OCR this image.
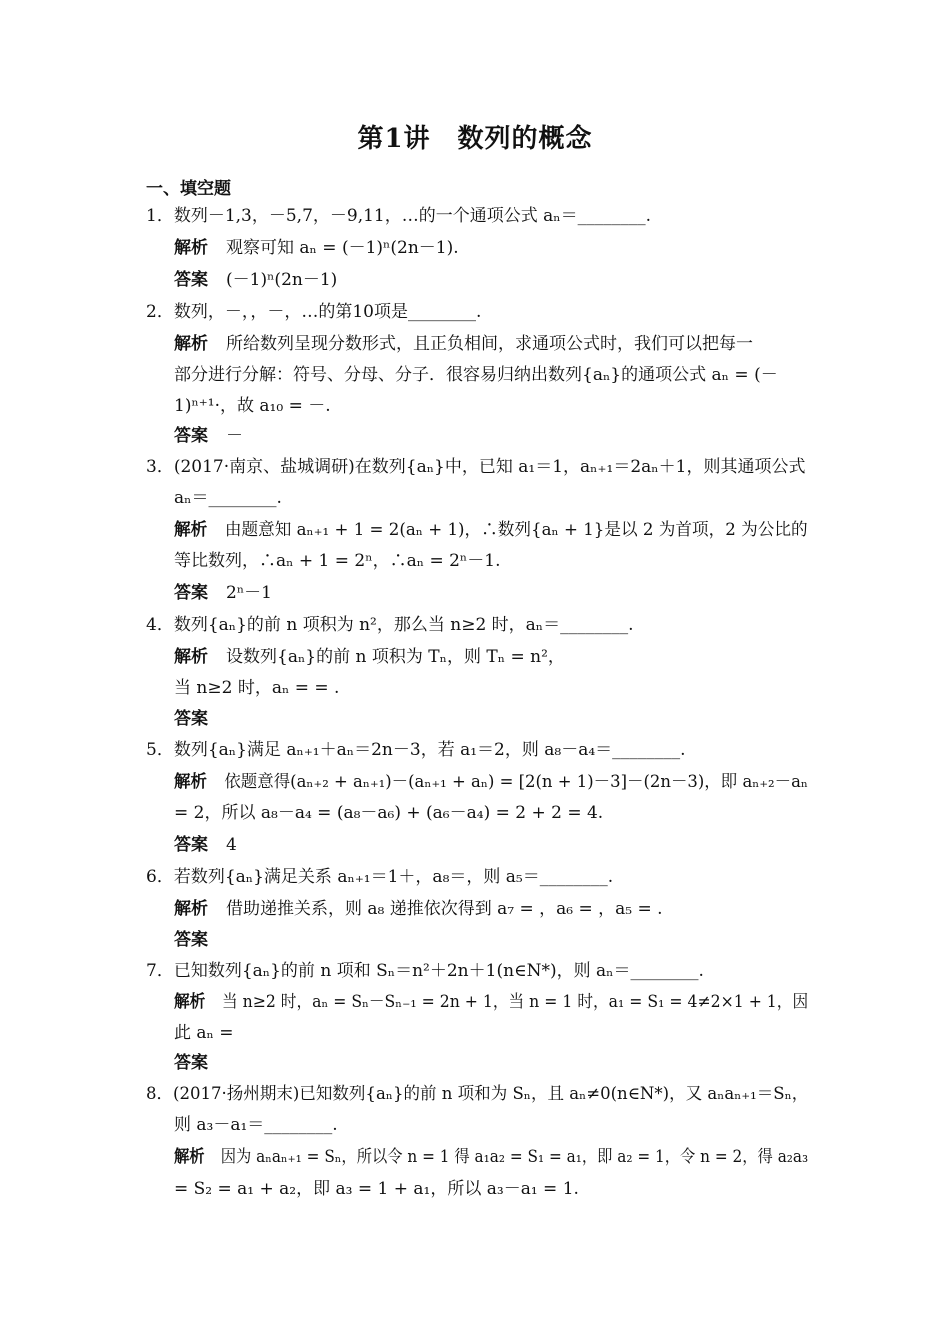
第1讲　数列的概念
一、填空题
1．数列－1,3，－5,7，－9,11，…的一个通项公式 aₙ＝________.
解析 观察可知 aₙ = (－1)ⁿ(2n－1).
答案 (－1)ⁿ(2n－1)
2．数列，－，，－，…的第10项是________.
解析 所给数列呈现分数形式，且正负相间，求通项公式时，我们可以把每一
部分进行分解：符号、分母、分子．很容易归纳出数列{aₙ}的通项公式 aₙ = (－
1)ⁿ⁺¹·，故 a₁₀ = －.
答案 －
3．(2017·南京、盐城调研)在数列{aₙ}中，已知 a₁＝1，aₙ₊₁＝2aₙ＋1，则其通项公式
aₙ＝________.
解析 由题意知 aₙ₊₁ + 1 = 2(aₙ + 1)，∴数列{aₙ + 1}是以 2 为首项，2 为公比的
等比数列，∴aₙ + 1 = 2ⁿ，∴aₙ = 2ⁿ－1.
答案 2ⁿ－1
4．数列{aₙ}的前 n 项积为 n²，那么当 n≥2 时，aₙ＝________.
解析 设数列{aₙ}的前 n 项积为 Tₙ，则 Tₙ = n²，
当 n≥2 时，aₙ = = .
答案
5．数列{aₙ}满足 aₙ₊₁＋aₙ＝2n－3，若 a₁＝2，则 a₈－a₄＝________.
解析 依题意得(aₙ₊₂ + aₙ₊₁)－(aₙ₊₁ + aₙ) = [2(n + 1)－3]－(2n－3)，即 aₙ₊₂－aₙ
= 2，所以 a₈－a₄ = (a₈－a₆) + (a₆－a₄) = 2 + 2 = 4.
答案 4
6．若数列{aₙ}满足关系 aₙ₊₁＝1＋，a₈＝，则 a₅＝________.
解析 借助递推关系，则 a₈ 递推依次得到 a₇ = ，a₆ = ，a₅ = .
答案
7．已知数列{aₙ}的前 n 项和 Sₙ＝n²＋2n＋1(n∈N*)，则 aₙ＝________.
解析 当 n≥2 时，aₙ = Sₙ－Sₙ₋₁ = 2n + 1，当 n = 1 时，a₁ = S₁ = 4≠2×1 + 1，因
此 aₙ =
答案
8．(2017·扬州期末)已知数列{aₙ}的前 n 项和为 Sₙ，且 aₙ≠0(n∈N*)，又 aₙaₙ₊₁＝Sₙ，
则 a₃－a₁＝________.
解析 因为 aₙaₙ₊₁ = Sₙ，所以令 n = 1 得 a₁a₂ = S₁ = a₁，即 a₂ = 1，令 n = 2，得 a₂a₃
= S₂ = a₁ + a₂，即 a₃ = 1 + a₁，所以 a₃－a₁ = 1.
